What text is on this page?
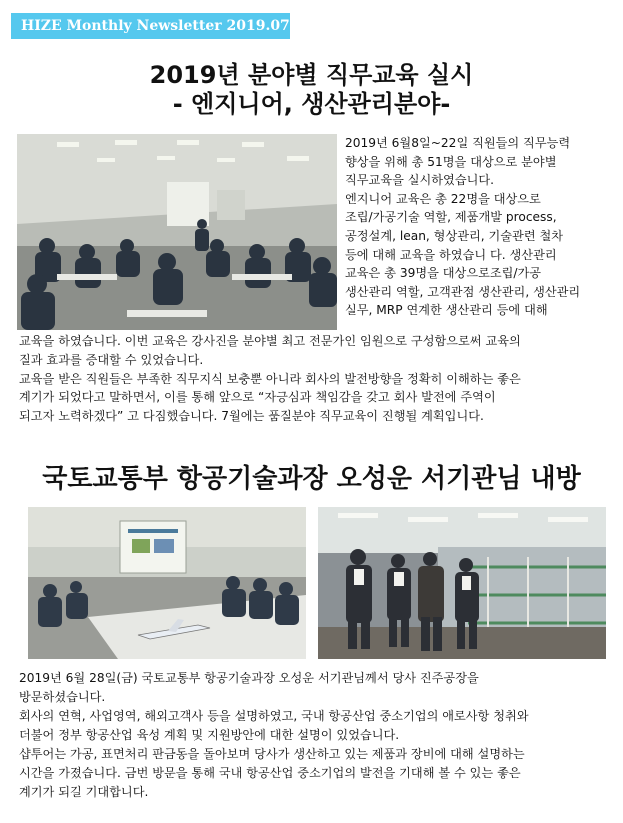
HIZE Monthly Newsletter 2019.07
2019년 분야별 직무교육 실시
- 엔지니어, 생산관리분야-
2019년 6월8일~22일 직원들의 직무능력
향상을 위해 총 51명을 대상으로 분야별
직무교육을 실시하였습니다.
엔지니어 교육은 총 22명을 대상으로
조립/가공기술 역할, 제품개발 process,
공정설계, lean, 형상관리, 기술관련 철차
등에 대해 교육을 하였습니 다. 생산관리
교육은 총 39명을 대상으로조립/가공
생산관리 역할, 고객관점 생산관리, 생산관리
실무, MRP 연계한 생산관리 등에 대해
교육을 하였습니다. 이번 교육은 강사진을 분야별 최고 전문가인 임원으로 구성함으로써 교육의
질과 효과를 증대할 수 있었습니다.
교육을 받은 직원들은 부족한 직무지식 보충뿐 아니라 회사의 발전방향을 정확히 이해하는 좋은
계기가 되었다고 말하면서, 이를 통해 앞으로 “자긍심과 책임감을 갖고 회사 발전에 주역이
되고자 노력하겠다” 고 다짐했습니다. 7월에는 품질분야 직무교육이 진행될 계획입니다.
국토교통부 항공기술과장 오성운 서기관님 내방
2019년 6월 28일(금) 국토교통부 항공기술과장 오성운 서기관님께서 당사 진주공장을
방문하셨습니다.
회사의 연혁, 사업영역, 해외고객사 등을 설명하였고, 국내 항공산업 중소기업의 애로사항 청취와
더불어 정부 항공산업 육성 계획 및 지원방안에 대한 설명이 있었습니다.
샵투어는 가공, 표면처리 판금동을 돌아보며 당사가 생산하고 있는 제품과 장비에 대해 설명하는
시간을 가졌습니다. 금번 방문을 통해 국내 항공산업 중소기업의 발전을 기대해 볼 수 있는 좋은
계기가 되길 기대합니다.
